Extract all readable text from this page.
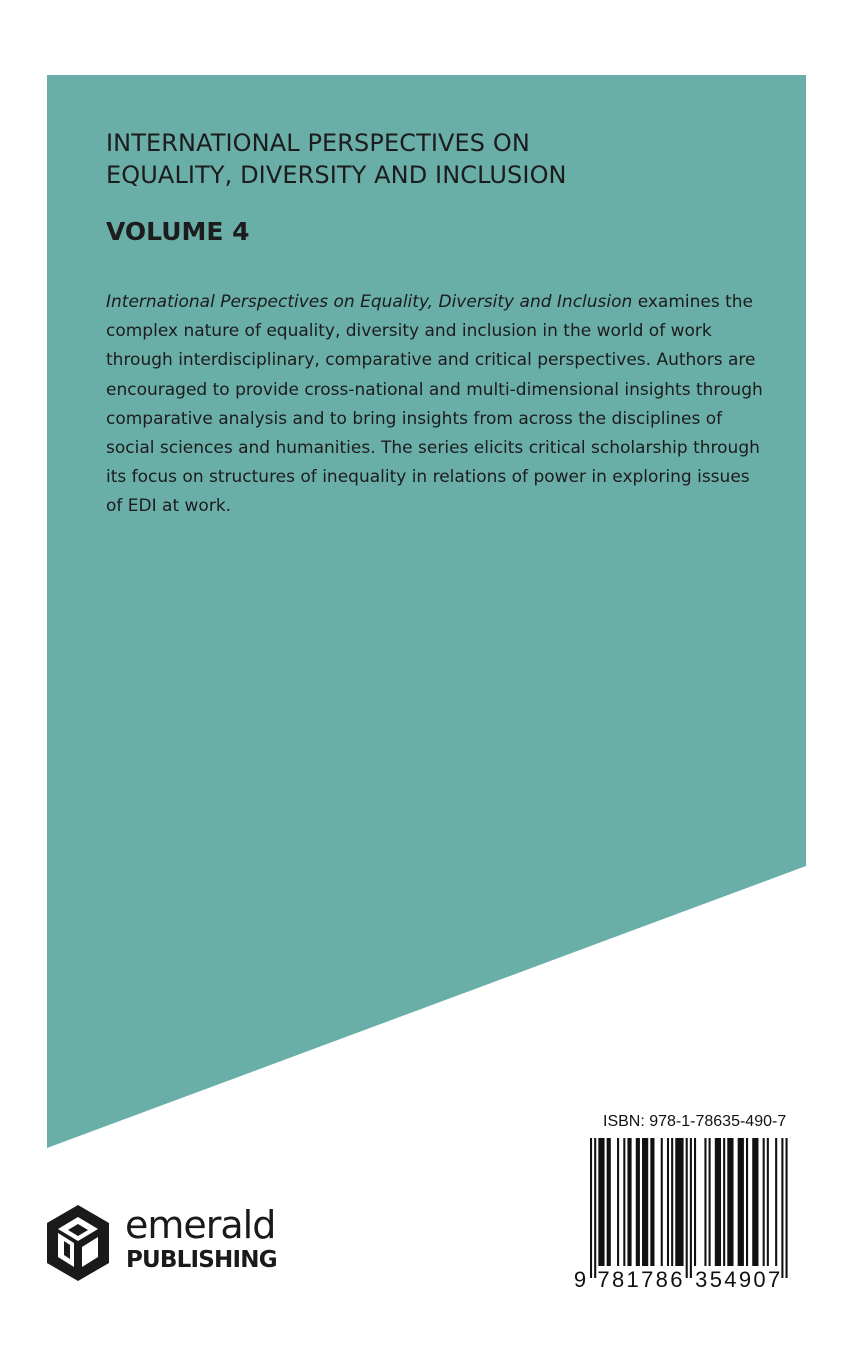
INTERNATIONAL PERSPECTIVES ON
EQUALITY, DIVERSITY AND INCLUSION
VOLUME 4

International Perspectives on Equality, Diversity and Inclusion examines the complex nature of equality, diversity and inclusion in the world of work through interdisciplinary, comparative and critical perspectives. Authors are encouraged to provide cross-national and multi-dimensional insights through comparative analysis and to bring insights from across the disciplines of social sciences and humanities. The series elicits critical scholarship through its focus on structures of inequality in relations of power in exploring issues of EDI at work.

emerald

PUBLISHING

ISBN: 978-1-78635-490-7

9 7 8 1 7 8 6 3 5 4 9 0 7
